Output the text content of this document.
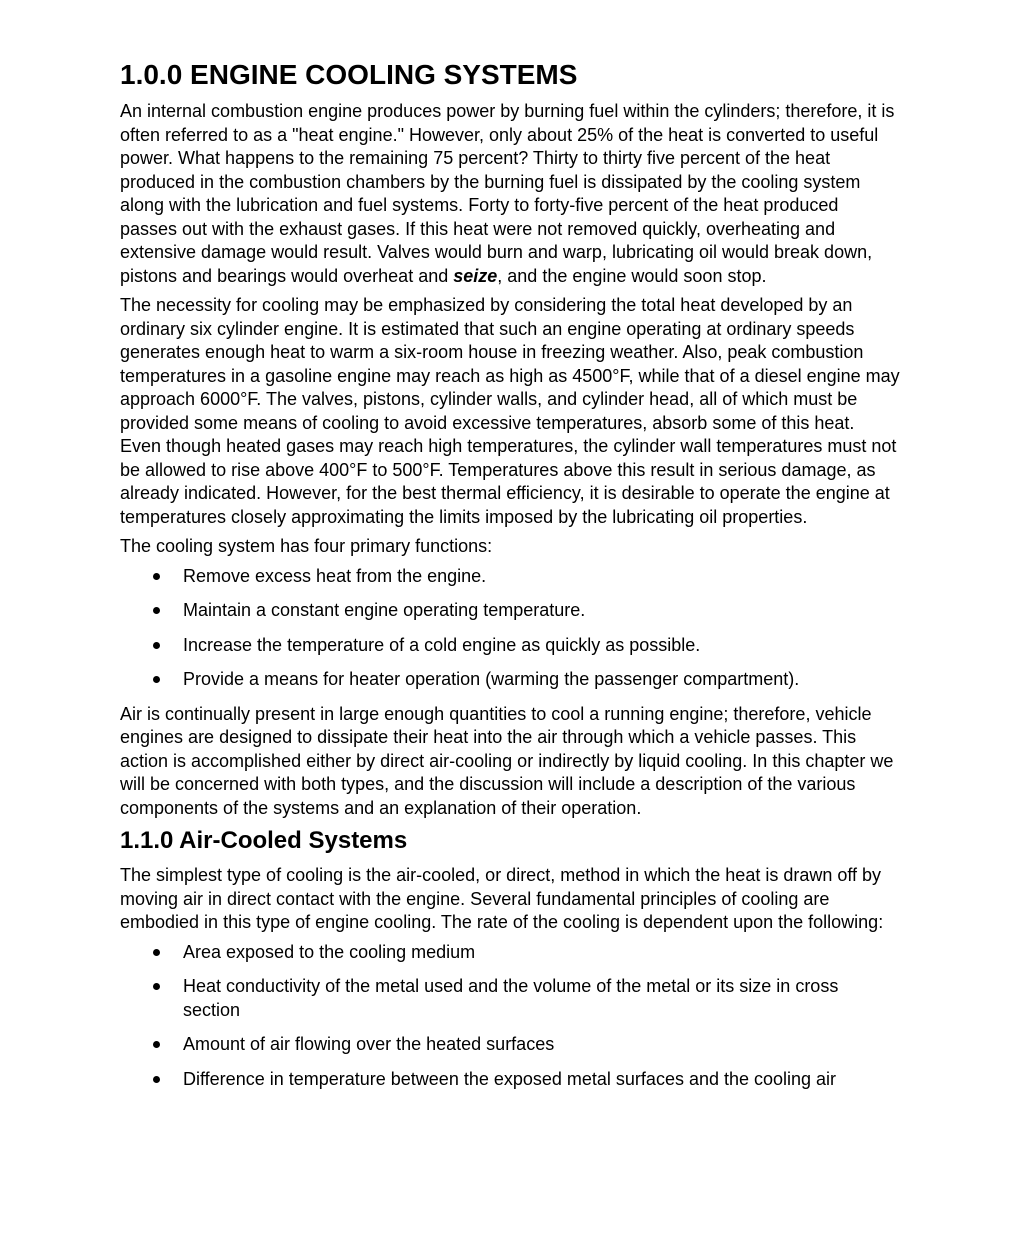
1.0.0 ENGINE COOLING SYSTEMS

An internal combustion engine produces power by burning fuel within the cylinders; therefore, it is often referred to as a "heat engine." However, only about 25% of the heat is converted to useful power. What happens to the remaining 75 percent? Thirty to thirty five percent of the heat produced in the combustion chambers by the burning fuel is dissipated by the cooling system along with the lubrication and fuel systems. Forty to forty-five percent of the heat produced passes out with the exhaust gases. If this heat were not removed quickly, overheating and extensive damage would result. Valves would burn and warp, lubricating oil would break down, pistons and bearings would overheat and seize, and the engine would soon stop.

The necessity for cooling may be emphasized by considering the total heat developed by an ordinary six cylinder engine. It is estimated that such an engine operating at ordinary speeds generates enough heat to warm a six-room house in freezing weather. Also, peak combustion temperatures in a gasoline engine may reach as high as 4500°F, while that of a diesel engine may approach 6000°F. The valves, pistons, cylinder walls, and cylinder head, all of which must be provided some means of cooling to avoid excessive temperatures, absorb some of this heat. Even though heated gases may reach high temperatures, the cylinder wall temperatures must not be allowed to rise above 400°F to 500°F. Temperatures above this result in serious damage, as already indicated. However, for the best thermal efficiency, it is desirable to operate the engine at temperatures closely approximating the limits imposed by the lubricating oil properties.

The cooling system has four primary functions:

Remove excess heat from the engine.
Maintain a constant engine operating temperature.
Increase the temperature of a cold engine as quickly as possible.
Provide a means for heater operation (warming the passenger compartment).

Air is continually present in large enough quantities to cool a running engine; therefore, vehicle engines are designed to dissipate their heat into the air through which a vehicle passes. This action is accomplished either by direct air-cooling or indirectly by liquid cooling. In this chapter we will be concerned with both types, and the discussion will include a description of the various components of the systems and an explanation of their operation.

1.1.0 Air-Cooled Systems

The simplest type of cooling is the air-cooled, or direct, method in which the heat is drawn off by moving air in direct contact with the engine. Several fundamental principles of cooling are embodied in this type of engine cooling. The rate of the cooling is dependent upon the following:

Area exposed to the cooling medium
Heat conductivity of the metal used and the volume of the metal or its size in cross section
Amount of air flowing over the heated surfaces
Difference in temperature between the exposed metal surfaces and the cooling air
